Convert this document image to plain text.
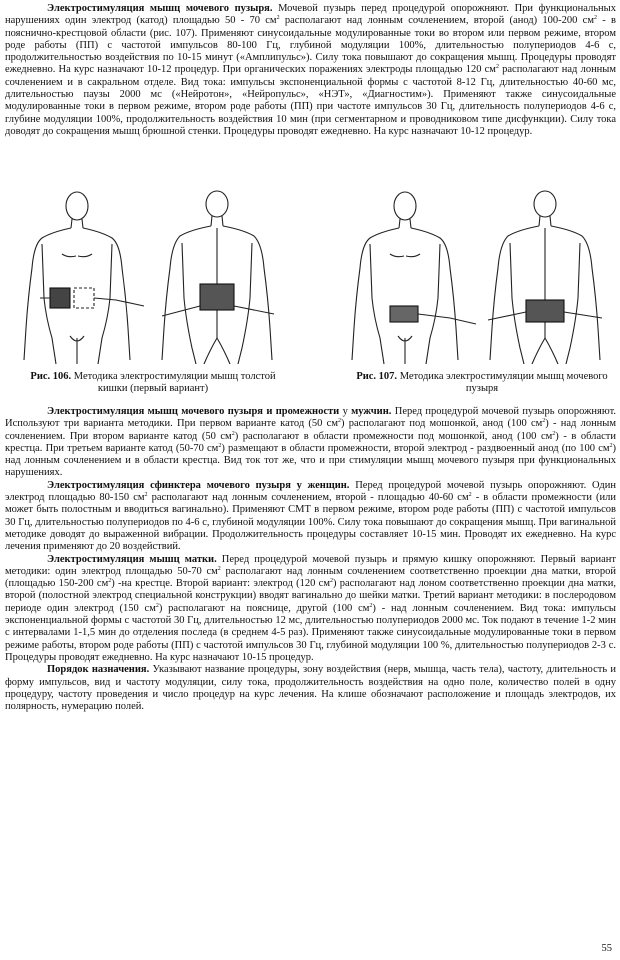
Электростимуляция мышц мочевого пузыря. Мочевой пузырь перед процедурой опорожняют. При функциональных нарушениях один электрод (катод) площадью 50 - 70 $см^2$ располагают над лонным сочленением, второй (анод) 100-200 $см^2$ - в пояснично-крестцовой области (рис. 107). Применяют синусоидальные модулированные токи во втором или первом режиме, втором роде работы (ПП) с частотой импульсов 80-100 Гц, глубиной модуляции 100%, длительностью полупериодов 4-6 с, продолжительностью воздействия по 10-15 минут («Амплипульс»). Силу тока повышают до сокращения мышц. Процедуры проводят ежедневно. На курс назначают 10-12 процедур. При органических поражениях электроды площадью 120 $см^2$ располагают над лонным сочленением и в сакральном отделе. Вид тока: импульсы экспоненциальной формы с частотой 8-12 Гц, длительностью 40-60 мс, длительностью паузы 2000 мс («Нейротон», «Нейропульс», «НЭТ», «Диагностим»). Применяют также синусоидальные модулированные токи в первом режиме, втором роде работы (ПП) при частоте импульсов 30 Гц, длительность полупериодов 4-6 с, глубине модуляции 100%, продолжительность воздействия 10 мин (при сегментарном и проводниковом типе дисфункции). Силу тока доводят до сокращения мышц брюшной стенки. Процедуры проводят ежедневно. На курс назначают 10-12 процедур.

Рис. 106. Методика электростимуляции мышц толстой кишки (первый вариант)
Рис. 107. Методика электростимуляции мышц мочевого пузыря

Электростимуляция мышц мочевого пузыря и промежности у мужчин. Перед процедурой мочевой пузырь опорожняют. Используют три варианта методики. При первом варианте катод (50 $см^2$) располагают под мошонкой, анод (100 $см^2$) - над лонным сочленением. При втором варианте катод (50 $см^2$) располагают в области промежности под мошонкой, анод (100 $см^2$) - в области крестца. При третьем варианте катод (50-70 $см^2$) размещают в области промежности, второй электрод - раздвоенный анод (по 100 $см^2$) над лонным сочленением и в области крестца. Вид ток тот же, что и при стимуляции мышц мочевого пузыря при функциональных нарушениях.

Электростимуляция сфинктера мочевого пузыря у женщин. Перед процедурой мочевой пузырь опорожняют. Один электрод площадью 80-150 $см^2$ располагают над лонным сочленением, второй - площадью 40-60 $см^2$ - в области промежности (или может быть полостным и вводиться вагинально). Применяют СМТ в первом режиме, втором роде работы (ПП) с частотой импульсов 30 Гц, длительностью полупериодов по 4-6 с, глубиной модуляции 100%. Силу тока повышают до сокращения мышц. При вагинальной методике доводят до выраженной вибрации. Продолжительность процедуры составляет 10-15 мин. Проводят их ежедневно. На курс лечения применяют до 20 воздействий.

Электростимуляция мышц матки. Перед процедурой мочевой пузырь и прямую кишку опорожняют. Первый вариант методики: один электрод площадью 50-70 $см^2$ располагают над лонным сочленением соответственно проекции дна матки, второй (площадью 150-200 $см^2$) -на крестце. Второй вариант: электрод (120 $см^2$) располагают над лоном соответственно проекции дна матки, второй (полостной электрод специальной конструкции) вводят вагинально до шейки матки. Третий вариант методики: в послеродовом периоде один электрод (150 $см^2$) располагают на пояснице, другой (100 $см^2$) - над лонным сочленением. Вид тока: импульсы экспоненциальной формы с частотой 30 Гц, длительностью 12 мс, длительностью полупериодов 2000 мс. Ток подают в течение 1-2 мин с интервалами 1-1,5 мин до отделения последа (в среднем 4-5 раз). Применяют также синусоидальные модулированные токи в первом режиме работы, втором роде работы (ПП) с частотой импульсов 30 Гц, глубиной модуляции 100 %, длительностью полупериодов 2-3 с. Процедуры проводят ежедневно. На курс назначают 10-15 процедур.

Порядок назначения. Указывают название процедуры, зону воздействия (нерв, мышца, часть тела), частоту, длительность и форму импульсов, вид и частоту модуляции, силу тока, продолжительность воздействия на одно поле, количество полей в одну процедуру, частоту проведения и число процедур на курс лечения. На клише обозначают расположение и площадь электродов, их полярность, нумерацию полей.

55
